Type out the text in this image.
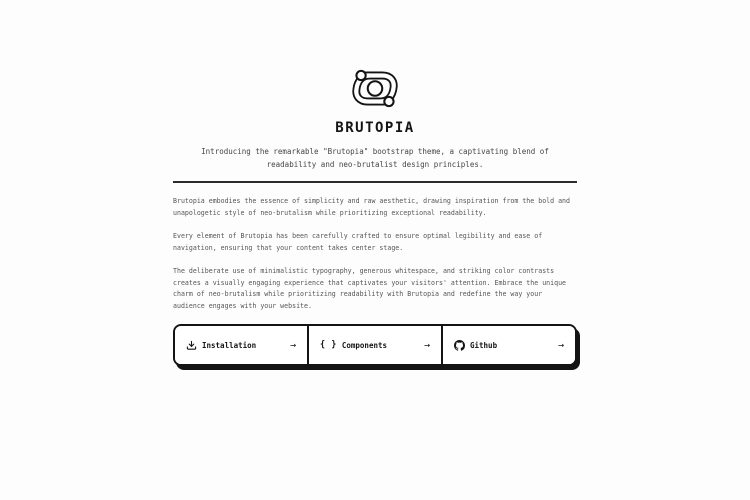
BRUTOPIA

Introducing the remarkable "Brutopia" bootstrap theme, a captivating blend of readability and neo-brutalist design principles.

Brutopia embodies the essence of simplicity and raw aesthetic, drawing inspiration from the bold and unapologetic style of neo-brutalism while prioritizing exceptional readability.

Every element of Brutopia has been carefully crafted to ensure optimal legibility and ease of navigation, ensuring that your content takes center stage.

The deliberate use of minimalistic typography, generous whitespace, and striking color contrasts creates a visually engaging experience that captivates your visitors' attention. Embrace the unique charm of neo-brutalism while prioritizing readability with Brutopia and redefine the way your audience engages with your website.

Installation	→	{ } Components	→	Github	→
